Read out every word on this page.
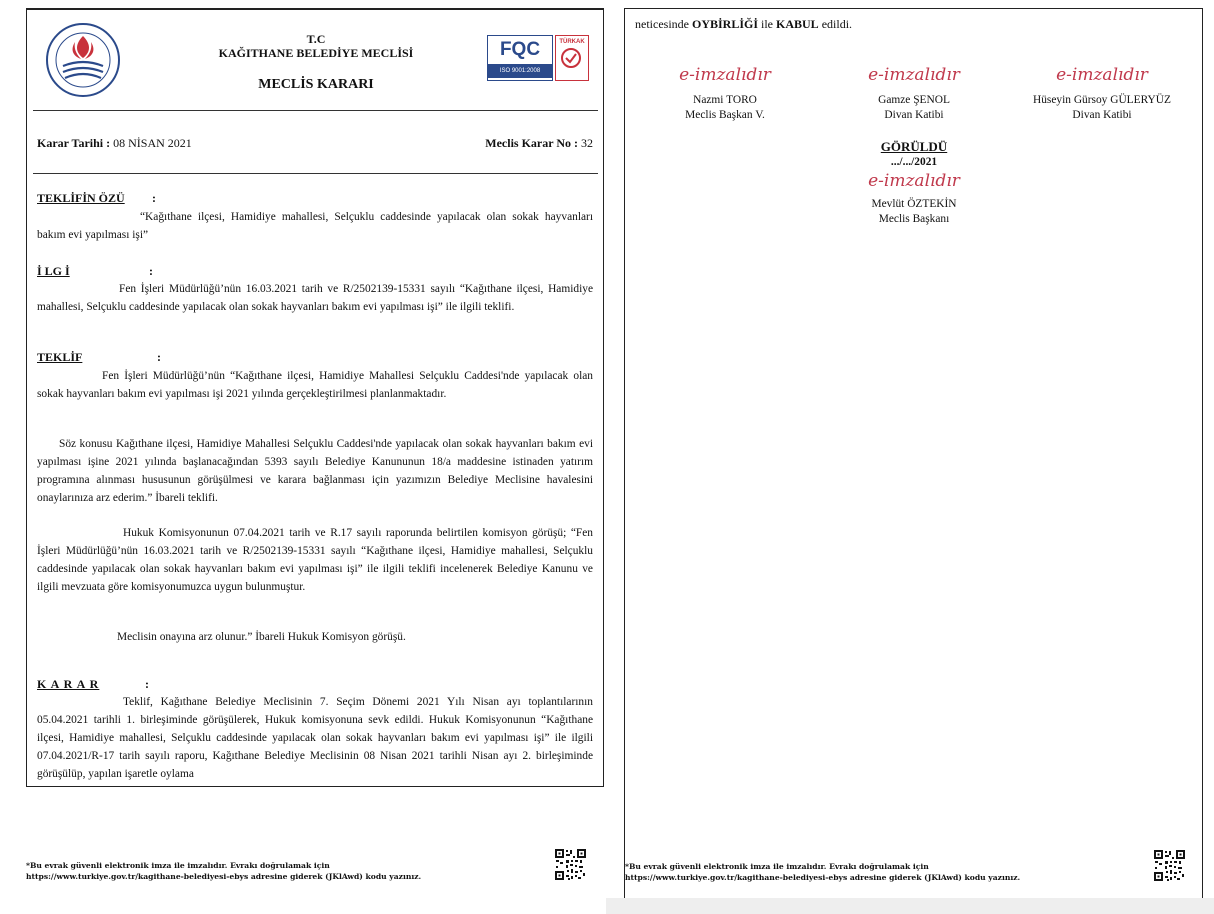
T.C
KAĞITHANE BELEDİYE MECLİSİ
MECLİS KARARI
FQC
ISO 9001:2008
TÜRKAK
Karar Tarihi : 08 NİSAN 2021	Meclis Karar No : 32
TEKLİFİN ÖZÜ :
“Kağıthane ilçesi, Hamidiye mahallesi, Selçuklu caddesinde yapılacak olan sokak hayvanları bakım evi yapılması işi”
İ LG İ	:
Fen İşleri Müdürlüğü’nün 16.03.2021 tarih ve R/2502139-15331 sayılı “Kağıthane ilçesi, Hamidiye mahallesi, Selçuklu caddesinde yapılacak olan sokak hayvanları bakım evi yapılması işi” ile ilgili teklifi.
TEKLİF	:
Fen İşleri Müdürlüğü’nün “Kağıthane ilçesi, Hamidiye Mahallesi Selçuklu Caddesi'nde yapılacak olan sokak hayvanları bakım evi yapılması işi 2021 yılında gerçekleştirilmesi planlanmaktadır.
Söz konusu Kağıthane ilçesi, Hamidiye Mahallesi Selçuklu Caddesi'nde yapılacak olan sokak hayvanları bakım evi yapılması işine 2021 yılında başlanacağından 5393 sayılı Belediye Kanununun 18/a maddesine istinaden yatırım programına alınması hususunun görüşülmesi ve karara bağlanması için yazımızın Belediye Meclisine havalesini onaylarınıza arz ederim.” İbareli teklifi.
Hukuk Komisyonunun 07.04.2021 tarih ve R.17 sayılı raporunda belirtilen komisyon görüşü; “Fen İşleri Müdürlüğü’nün 16.03.2021 tarih ve R/2502139-15331 sayılı “Kağıthane ilçesi, Hamidiye mahallesi, Selçuklu caddesinde yapılacak olan sokak hayvanları bakım evi yapılması işi” ile ilgili teklifi incelenerek Belediye Kanunu ve ilgili mevzuata göre komisyonumuzca uygun bulunmuştur.
Meclisin onayına arz olunur.” İbareli Hukuk Komisyon görüşü.
K A R A R	:
Teklif, Kağıthane Belediye Meclisinin 7. Seçim Dönemi 2021 Yılı Nisan ayı toplantılarının 05.04.2021 tarihli 1. birleşiminde görüşülerek, Hukuk komisyonuna sevk edildi. Hukuk Komisyonunun “Kağıthane ilçesi, Hamidiye mahallesi, Selçuklu caddesinde yapılacak olan sokak hayvanları bakım evi yapılması işi” ile ilgili 07.04.2021/R-17 tarih sayılı raporu, Kağıthane Belediye Meclisinin 08 Nisan 2021 tarihli Nisan ayı 2. birleşiminde görüşülüp, yapılan işaretle oylama
*Bu evrak güvenli elektronik imza ile imzalıdır. Evrakı doğrulamak için
https://www.turkiye.gov.tr/kagithane-belediyesi-ebys adresine giderek (JKlAwd) kodu yazınız.
neticesinde OYBİRLİĞİ ile KABUL edildi.
e-imzalıdır
Nazmi TORO
Meclis Başkan V.
e-imzalıdır
Gamze ŞENOL
Divan Katibi
e-imzalıdır
Hüseyin Gürsoy GÜLERYÜZ
Divan Katibi
GÖRÜLDÜ
.../.../2021
e-imzalıdır
Mevlüt ÖZTEKİN
Meclis Başkanı
*Bu evrak güvenli elektronik imza ile imzalıdır. Evrakı doğrulamak için
https://www.turkiye.gov.tr/kagithane-belediyesi-ebys adresine giderek (JKlAwd) kodu yazınız.
